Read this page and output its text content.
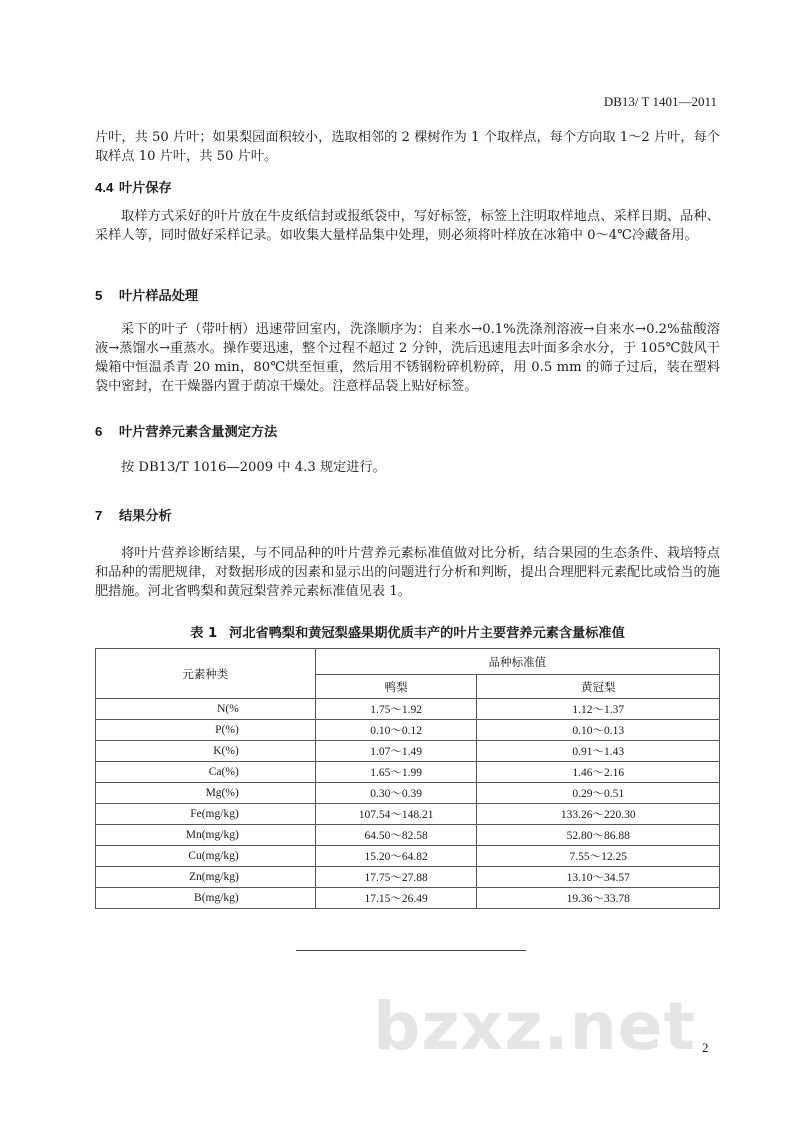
DB13/ T 1401—2011

片叶，共 50 片叶；如果梨园面积较小，选取相邻的 2 棵树作为 1 个取样点，每个方向取 1～2 片叶，每个取样点 10 片叶，共 50 片叶。

4.4 叶片保存

取样方式采好的叶片放在牛皮纸信封或报纸袋中，写好标签，标签上注明取样地点、采样日期、品种、采样人等，同时做好采样记录。如收集大量样品集中处理，则必须将叶样放在冰箱中 0～4℃冷藏备用。

5 叶片样品处理

采下的叶子（带叶柄）迅速带回室内，洗涤顺序为：自来水→0.1%洗涤剂溶液→自来水→0.2%盐酸溶液→蒸馏水→重蒸水。操作要迅速，整个过程不超过 2 分钟，洗后迅速甩去叶面多余水分，于 105℃鼓风干燥箱中恒温杀青 20 min，80℃烘至恒重，然后用不锈钢粉碎机粉碎，用 0.5 mm 的筛子过后，装在塑料袋中密封，在干燥器内置于荫凉干燥处。注意样品袋上贴好标签。

6 叶片营养元素含量测定方法

按 DB13/T 1016—2009 中 4.3 规定进行。

7 结果分析

将叶片营养诊断结果，与不同品种的叶片营养元素标准值做对比分析，结合果园的生态条件、栽培特点和品种的需肥规律，对数据形成的因素和显示出的问题进行分析和判断，提出合理肥料元素配比或恰当的施肥措施。河北省鸭梨和黄冠梨营养元素标准值见表 1。

表 1 河北省鸭梨和黄冠梨盛果期优质丰产的叶片主要营养元素含量标准值
元素种类	品种标准值	
	鸭梨	黄冠梨
N(%	1.75～1.92	1.12～1.37
P(%)	0.10～0.12	0.10～0.13
K(%)	1.07～1.49	0.91～1.43
Ca(%)	1.65～1.99	1.46～2.16
Mg(%)	0.30～0.39	0.29～0.51
Fe(mg/kg)	107.54～148.21	133.26～220.30
Mn(mg/kg)	64.50～82.58	52.80～86.88
Cu(mg/kg)	15.20～64.82	7.55～12.25
Zn(mg/kg)	17.75～27.88	13.10～34.57
B(mg/kg)	17.15～26.49	19.36～33.78
bzxz.net 2
